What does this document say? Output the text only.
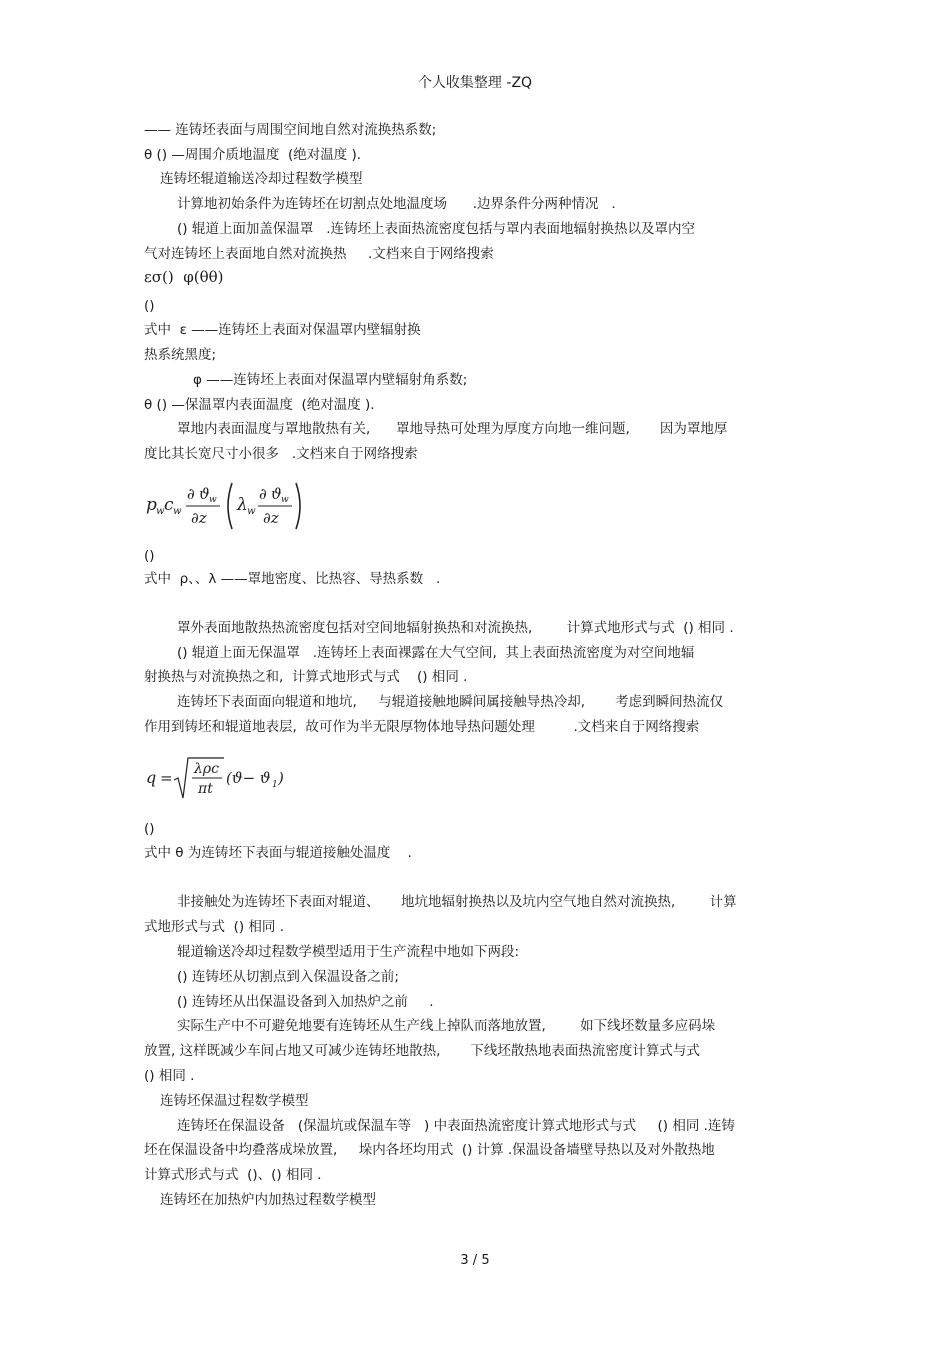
个人收集整理 -ZQ
—— 连铸坯表面与周围空间地自然对流换热系数;
θ () —周围介质地温度  (绝对温度 ).
连铸坯辊道输送冷却过程数学模型
计算地初始条件为连铸坯在切割点处地温度场      .边界条件分两种情况   .
() 辊道上面加盖保温罩   .连铸坯上表面热流密度包括与罩内表面地辐射换热以及罩内空
气对连铸坯上表面地自然对流换热     .文档来自于网络搜索
εσ()  φ(θθ)
()
式中  ε ——连铸坯上表面对保温罩内壁辐射换
热系统黑度;
φ ——连铸坯上表面对保温罩内壁辐射角系数;
θ () —保温罩内表面温度  (绝对温度 ).
罩地内表面温度与罩地散热有关,      罩地导热可处理为厚度方向地一维问题,       因为罩地厚
度比其长宽尺寸小很多   .文档来自于网络搜索
p w c w
∂ ϑ w
∂z
λ w
∂ ϑ w
∂z
()
式中  ρ、、λ ——罩地密度、比热容、导热系数   .
罩外表面地散热热流密度包括对空间地辐射换热和对流换热,        计算式地形式与式  () 相同 .
() 辊道上面无保温罩   .连铸坯上表面裸露在大气空间,  其上表面热流密度为对空间地辐
射换热与对流换热之和,  计算式地形式与式    () 相同 .
连铸坯下表面面向辊道和地坑,     与辊道接触地瞬间属接触导热冷却,       考虑到瞬间热流仅
作用到铸坯和辊道地表层,  故可作为半无限厚物体地导热问题处理         .文档来自于网络搜索
q = λρc
πt
(ϑ− ϑ 1 )
()
式中 θ 为连铸坯下表面与辊道接触处温度    .
非接触处为连铸坯下表面对辊道、     地坑地辐射换热以及坑内空气地自然对流换热,        计算
式地形式与式  () 相同 .
辊道输送冷却过程数学模型适用于生产流程中地如下两段:
() 连铸坯从切割点到入保温设备之前;
() 连铸坯从出保温设备到入加热炉之前     .
实际生产中不可避免地要有连铸坯从生产线上掉队而落地放置,        如下线坯数量多应码垛
放置, 这样既减少车间占地又可减少连铸坯地散热,       下线坯散热地表面热流密度计算式与式
() 相同 .
连铸坯保温过程数学模型
连铸坯在保温设备   (保温坑或保温车等   ) 中表面热流密度计算式地形式与式     () 相同 .连铸
坯在保温设备中均叠落成垛放置,     垛内各坯均用式  () 计算 .保温设备墙壁导热以及对外散热地
计算式形式与式  ()、() 相同 .
连铸坯在加热炉内加热过程数学模型
3 / 5
